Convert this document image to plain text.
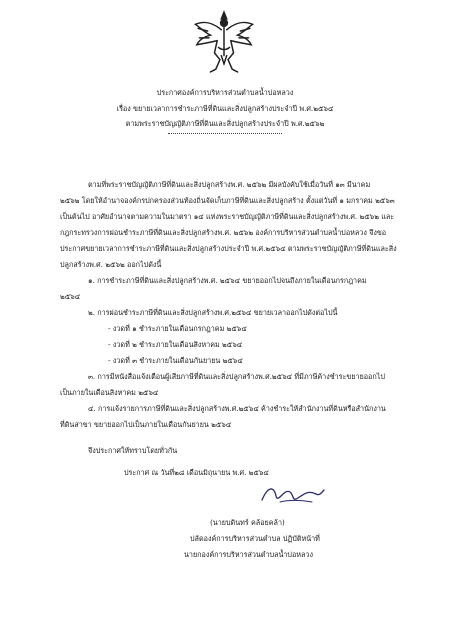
ประกาศองค์การบริหารส่วนตำบลน้ำบ่อหลวง
เรื่อง ขยายเวลาการชำระภาษีที่ดินและสิ่งปลูกสร้างประจำปี พ.ศ.๒๕๖๔
ตามพระราชบัญญัติภาษีที่ดินและสิ่งปลูกสร้างประจำปี พ.ศ.๒๕๖๒
ตามที่พระราชบัญญัติภาษีที่ดินและสิ่งปลูกสร้างพ.ศ. ๒๕๖๒ มีผลบังคับใช้เมื่อวันที่ ๑๓ มีนาคม
๒๕๖๒ โดยให้อำนาจองค์กรปกครองส่วนท้องถิ่นจัดเก็บภาษีที่ดินและสิ่งปลูกสร้าง ตั้งแต่วันที่ ๑ มกราคม ๒๕๖๓
เป็นต้นไป อาศัยอำนาจตามความในมาตรา ๑๔ แห่งพระราชบัญญัติภาษีที่ดินและสิ่งปลูกสร้างพ.ศ. ๒๕๖๒ และ
กฎกระทรวงการผ่อนชำระภาษีที่ดินและสิ่งปลูกสร้างพ.ศ. ๒๕๖๒ องค์การบริหารส่วนตำบลน้ำบ่อหลวง จึงขอ
ประกาศขยายเวลาการชำระภาษีที่ดินและสิ่งปลูกสร้างประจำปี พ.ศ.๒๕๖๔ ตามพระราชบัญญัติภาษีที่ดินและสิ่ง
ปลูกสร้างพ.ศ. ๒๕๖๒ ออกไปดังนี้
๑. การชำระภาษีที่ดินและสิ่งปลูกสร้างพ.ศ. ๒๕๖๔ ขยายออกไปจนถึงภายในเดือนกรกฎาคม
๒๕๖๔
๒. การผ่อนชำระภาษีที่ดินและสิ่งปลูกสร้างพ.ศ.๒๕๖๔ ขยายเวลาออกไปดังต่อไปนี้
- งวดที่ ๑ ชำระภายในเดือนกรกฎาคม ๒๕๖๔
- งวดที่ ๒ ชำระภายในเดือนสิงหาคม ๒๕๖๔
- งวดที่ ๓ ชำระภายในเดือนกันยายน ๒๕๖๔
๓. การมีหนังสือแจ้งเตือนผู้เสียภาษีที่ดินและสิ่งปลูกสร้างพ.ศ.๒๕๖๔ ที่มีภาษีค้างชำระขยายออกไป
เป็นภายในเดือนสิงหาคม ๒๕๖๔
๔. การแจ้งรายการภาษีที่ดินและสิ่งปลูกสร้างพ.ศ.๒๕๖๔ ค้างชำระให้สำนักงานที่ดินหรือสำนักงาน
ที่ดินสาขา ขยายออกไปเป็นภายในเดือนกันยายน ๒๕๖๔
จึงประกาศให้ทราบโดยทั่วกัน
ประกาศ ณ วันที่๒๘ เดือนมิถุนายน พ.ศ. ๒๕๖๔
(นายบดินทร์ คล้อยคล้า)
ปลัดองค์การบริหารส่วนตำบล ปฏิบัติหน้าที่
นายกองค์การบริหารส่วนตำบลน้ำบ่อหลวง
